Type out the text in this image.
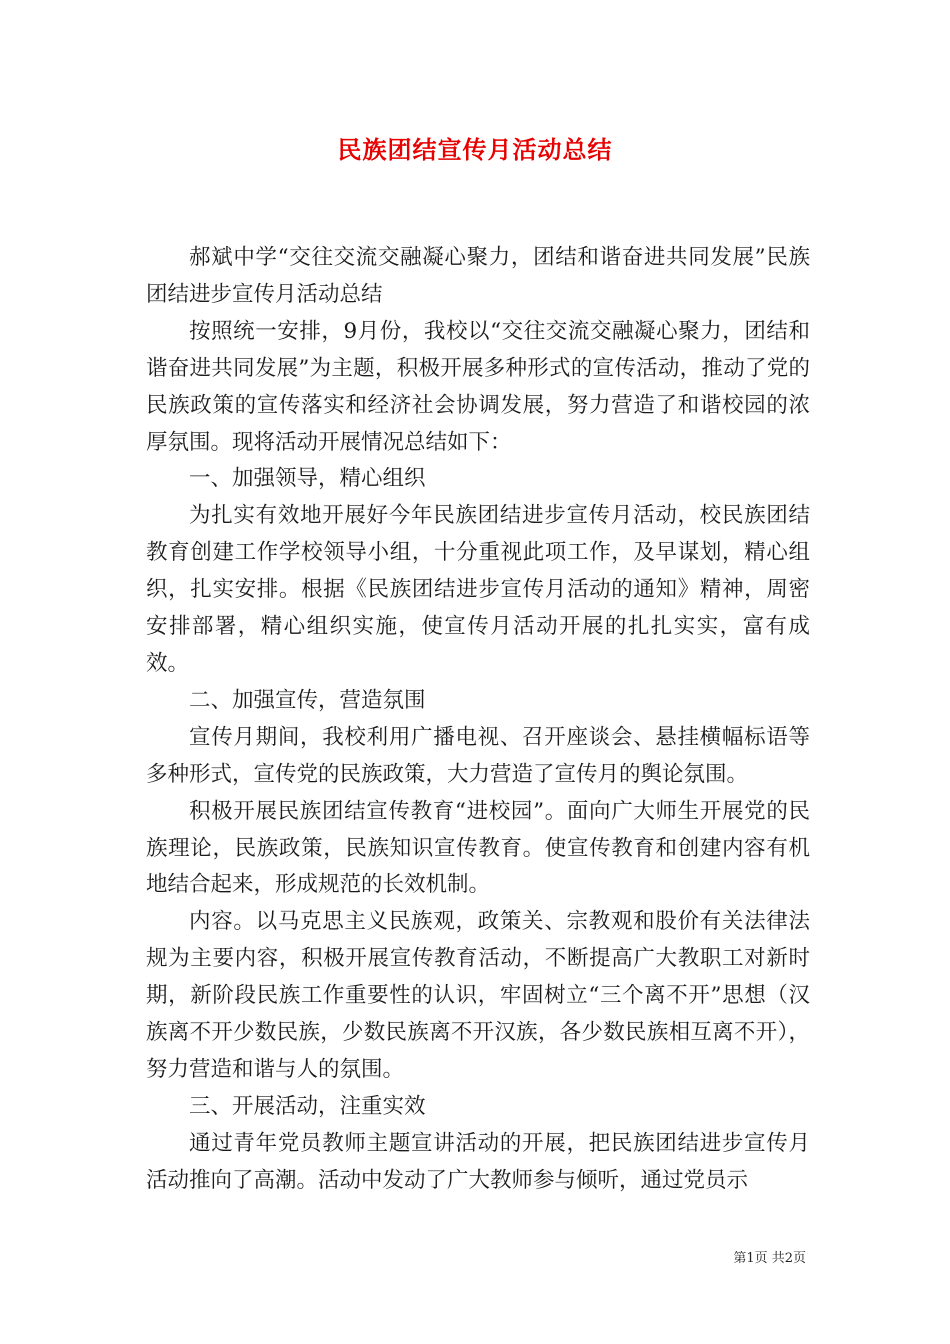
民族团结宣传月活动总结

郝斌中学“交往交流交融凝心聚力，团结和谐奋进共同发展”民族团结进步宣传月活动总结

按照统一安排，9月份，我校以“交往交流交融凝心聚力，团结和谐奋进共同发展”为主题，积极开展多种形式的宣传活动，推动了党的民族政策的宣传落实和经济社会协调发展，努力营造了和谐校园的浓厚氛围。现将活动开展情况总结如下：

一、加强领导，精心组织

为扎实有效地开展好今年民族团结进步宣传月活动，校民族团结教育创建工作学校领导小组，十分重视此项工作，及早谋划，精心组织，扎实安排。根据《民族团结进步宣传月活动的通知》精神，周密安排部署，精心组织实施，使宣传月活动开展的扎扎实实，富有成效。

二、加强宣传，营造氛围

宣传月期间，我校利用广播电视、召开座谈会、悬挂横幅标语等多种形式，宣传党的民族政策，大力营造了宣传月的舆论氛围。

积极开展民族团结宣传教育“进校园”。面向广大师生开展党的民族理论，民族政策，民族知识宣传教育。使宣传教育和创建内容有机地结合起来，形成规范的长效机制。

内容。以马克思主义民族观，政策关、宗教观和股价有关法律法规为主要内容，积极开展宣传教育活动，不断提高广大教职工对新时期，新阶段民族工作重要性的认识，牢固树立“三个离不开”思想（汉族离不开少数民族，少数民族离不开汉族，各少数民族相互离不开），努力营造和谐与人的氛围。

三、开展活动，注重实效

通过青年党员教师主题宣讲活动的开展，把民族团结进步宣传月活动推向了高潮。活动中发动了广大教师参与倾听，通过党员示

第1页 共2页
